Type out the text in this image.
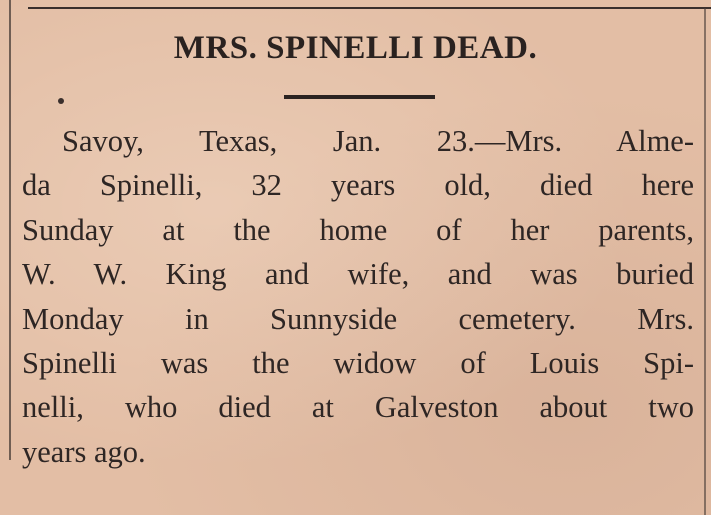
MRS. SPINELLI DEAD.
Savoy, Texas, Jan. 23.—Mrs. Alme-
da Spinelli, 32 years old, died here
Sunday at the home of her parents,
W. W. King and wife, and was buried
Monday in Sunnyside cemetery. Mrs.
Spinelli was the widow of Louis Spi-
nelli, who died at Galveston about two
years ago.
